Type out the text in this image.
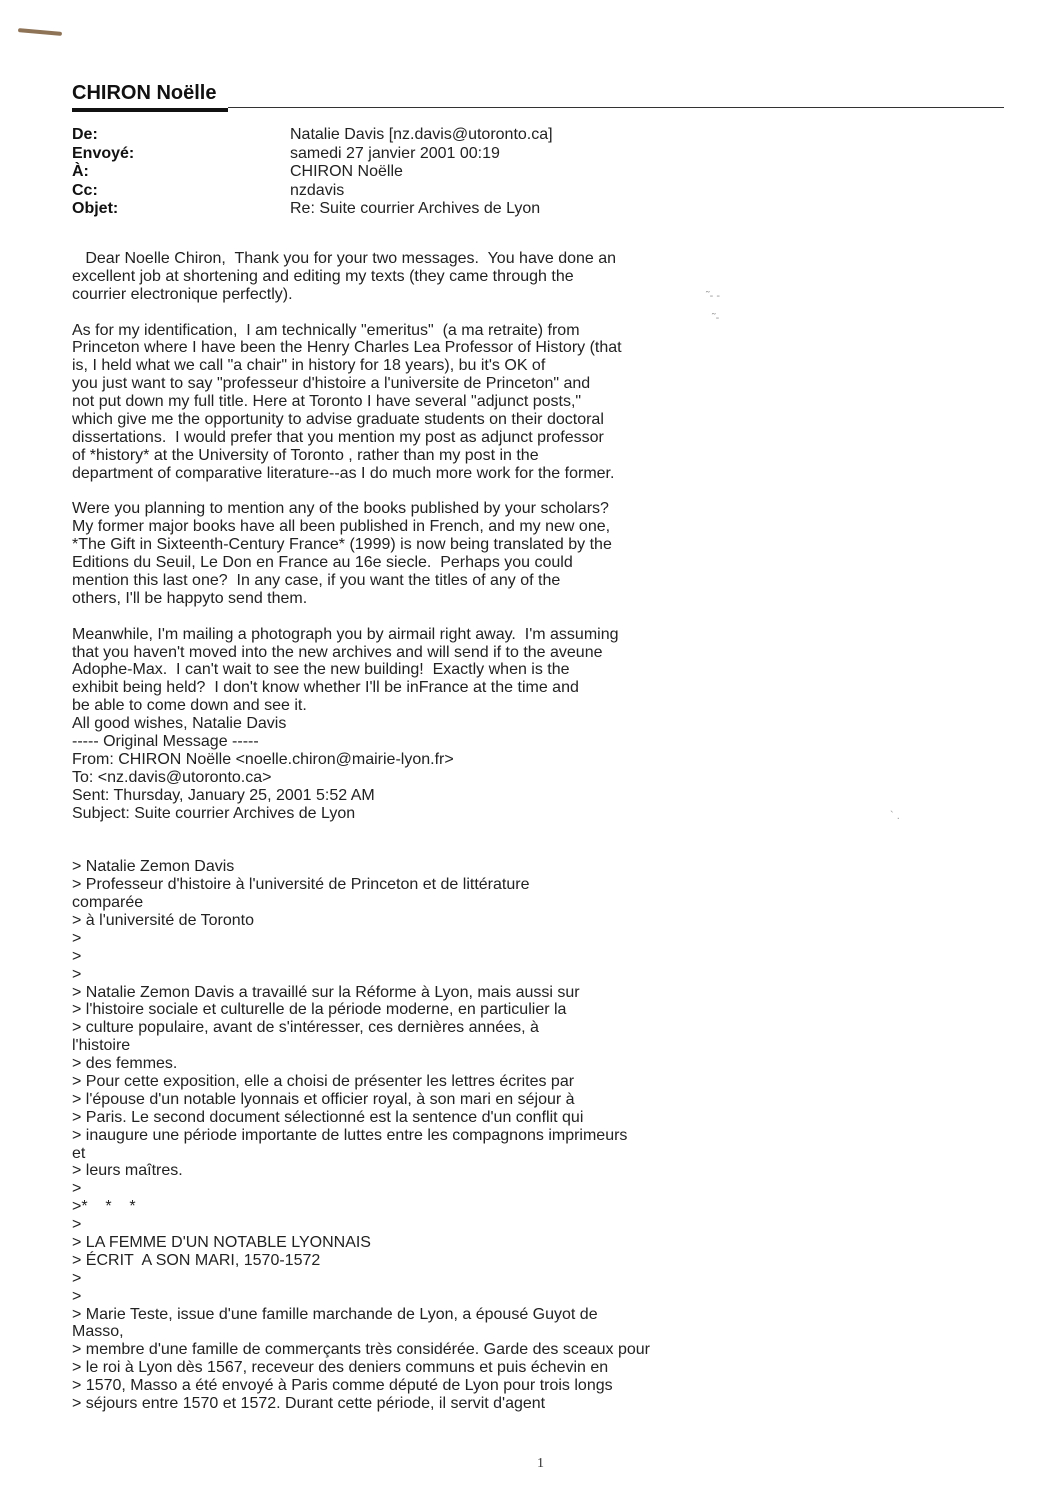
˜- -
˜-
` .
CHIRON Noëlle
De:	Natalie Davis [nz.davis@utoronto.ca]
Envoyé:	samedi 27 janvier 2001 00:19
À:	CHIRON Noëlle
Cc:	nzdavis
Objet:	Re: Suite courrier Archives de Lyon
Dear Noelle Chiron,  Thank you for your two messages.  You have done an
excellent job at shortening and editing my texts (they came through the
courrier electronique perfectly).
As for my identification,  I am technically "emeritus"  (a ma retraite) from
Princeton where I have been the Henry Charles Lea Professor of History (that
is, I held what we call "a chair" in history for 18 years), bu it's OK of
you just want to say "professeur d'histoire a l'universite de Princeton" and
not put down my full title. Here at Toronto I have several "adjunct posts,"
which give me the opportunity to advise graduate students on their doctoral
dissertations.  I would prefer that you mention my post as adjunct professor
of *history* at the University of Toronto , rather than my post in the
department of comparative literature--as I do much more work for the former.
Were you planning to mention any of the books published by your scholars?
My former major books have all been published in French, and my new one,
*The Gift in Sixteenth-Century France* (1999) is now being translated by the
Editions du Seuil, Le Don en France au 16e siecle.  Perhaps you could
mention this last one?  In any case, if you want the titles of any of the
others, I'll be happyto send them.
Meanwhile, I'm mailing a photograph you by airmail right away.  I'm assuming
that you haven't moved into the new archives and will send if to the aveune
Adophe-Max.  I can't wait to see the new building!  Exactly when is the
exhibit being held?  I don't know whether I'll be inFrance at the time and
be able to come down and see it.
All good wishes, Natalie Davis
----- Original Message -----
From: CHIRON Noëlle <noelle.chiron@mairie-lyon.fr>
To: <nz.davis@utoronto.ca>
Sent: Thursday, January 25, 2001 5:52 AM
Subject: Suite courrier Archives de Lyon
> Natalie Zemon Davis
> Professeur d'histoire à l'université de Princeton et de littérature
comparée
> à l'université de Toronto
>
>
>
> Natalie Zemon Davis a travaillé sur la Réforme à Lyon, mais aussi sur
> l'histoire sociale et culturelle de la période moderne, en particulier la
> culture populaire, avant de s'intéresser, ces dernières années, à
l'histoire
> des femmes.
> Pour cette exposition, elle a choisi de présenter les lettres écrites par
> l'épouse d'un notable lyonnais et officier royal, à son mari en séjour à
> Paris. Le second document sélectionné est la sentence d'un conflit qui
> inaugure une période importante de luttes entre les compagnons imprimeurs
et
> leurs maîtres.
>
>*    *    *
>
> LA FEMME D'UN NOTABLE LYONNAIS
> ÉCRIT  A SON MARI, 1570-1572
>
>
> Marie Teste, issue d'une famille marchande de Lyon, a épousé Guyot de
Masso,
> membre d'une famille de commerçants très considérée. Garde des sceaux pour
> le roi à Lyon dès 1567, receveur des deniers communs et puis échevin en
> 1570, Masso a été envoyé à Paris comme député de Lyon pour trois longs
> séjours entre 1570 et 1572. Durant cette période, il servit d'agent
1
